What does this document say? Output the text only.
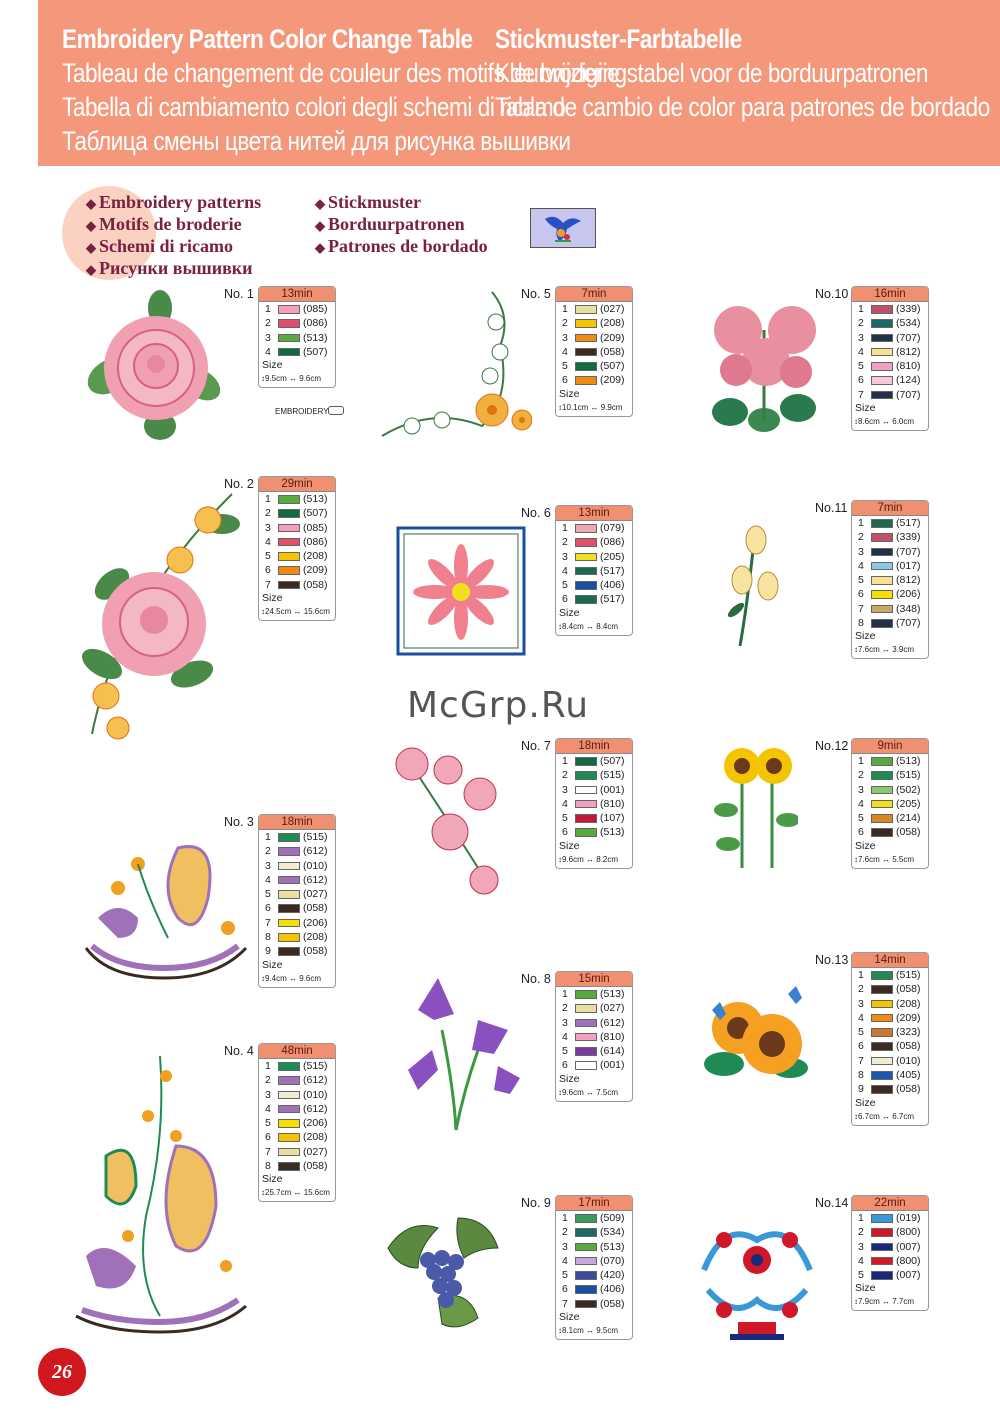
Embroidery Pattern Color Change Table
Tableau de changement de couleur des motifs de broderie
Tabella di cambiamento colori degli schemi di ricamo
Таблица смены цвета нитей для рисунка вышивки
Stickmuster-Farbtabelle
Kleurwijzigingstabel voor de borduurpatronen
Tabla de cambio de color para patrones de bordado
◆ Embroidery patterns
◆ Motifs de broderie
◆ Schemi di ricamo
◆ Рисунки вышивки
◆ Stickmuster
◆ Borduurpatronen
◆ Patrones de bordado
No. 1
No. 2
No. 3
No. 4
No. 5
No. 6
No. 7
No. 8
No. 9
No.10
No.11
No.12
No.13
No.14
13min
1	(085)
2	(086)
3	(513)
4	(507)
Size
↕9.5cm ↔ 9.6cm
29min
1	(513)
2	(507)
3	(085)
4	(086)
5	(208)
6	(209)
7	(058)
Size
↕24.5cm ↔ 15.6cm
18min
1	(515)
2	(612)
3	(010)
4	(612)
5	(027)
6	(058)
7	(206)
8	(208)
9	(058)
Size
↕9.4cm ↔ 9.6cm
48min
1	(515)
2	(612)
3	(010)
4	(612)
5	(206)
6	(208)
7	(027)
8	(058)
Size
↕25.7cm ↔ 15.6cm
7min
1	(027)
2	(208)
3	(209)
4	(058)
5	(507)
6	(209)
Size
↕10.1cm ↔ 9.9cm
13min
1	(079)
2	(086)
3	(205)
4	(517)
5	(406)
6	(517)
Size
↕8.4cm ↔ 8.4cm
18min
1	(507)
2	(515)
3	(001)
4	(810)
5	(107)
6	(513)
Size
↕9.6cm ↔ 8.2cm
15min
1	(513)
2	(027)
3	(612)
4	(810)
5	(614)
6	(001)
Size
↕9.6cm ↔ 7.5cm
17min
1	(509)
2	(534)
3	(513)
4	(070)
5	(420)
6	(406)
7	(058)
Size
↕8.1cm ↔ 9.5cm
16min
1	(339)
2	(534)
3	(707)
4	(812)
5	(810)
6	(124)
7	(707)
Size
↕8.6cm ↔ 6.0cm
7min
1	(517)
2	(339)
3	(707)
4	(017)
5	(812)
6	(206)
7	(348)
8	(707)
Size
↕7.6cm ↔ 3.9cm
9min
1	(513)
2	(515)
3	(502)
4	(205)
5	(214)
6	(058)
Size
↕7.6cm ↔ 5.5cm
14min
1	(515)
2	(058)
3	(208)
4	(209)
5	(323)
6	(058)
7	(010)
8	(405)
9	(058)
Size
↕6.7cm ↔ 6.7cm
22min
1	(019)
2	(800)
3	(007)
4	(800)
5	(007)
Size
↕7.9cm ↔ 7.7cm
EMBROIDERY
McGrp.Ru
26
